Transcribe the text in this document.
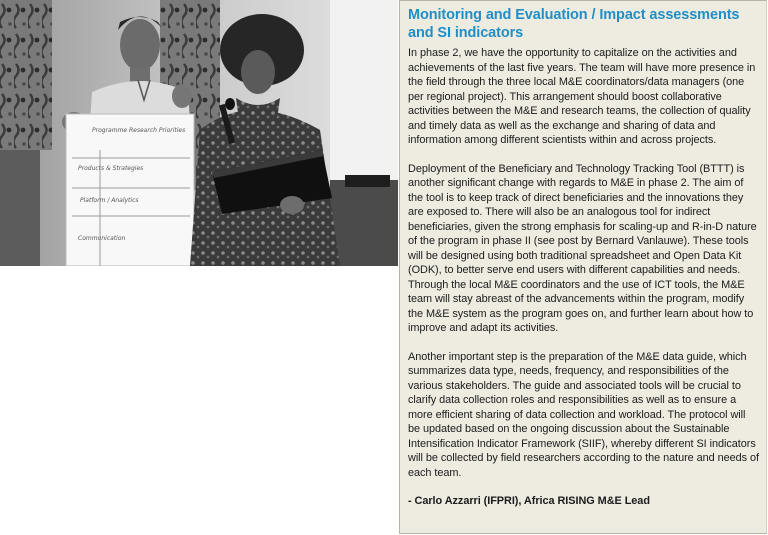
Programme Research Priorities
Products & Strategies
Platform / Analytics
Communication
Monitoring and Evaluation / Impact assessments and SI indicators

In phase 2, we have the opportunity to capitalize on the activities and achievements of the last five years. The team will have more presence in the field through the three local M&E coordinators/data managers (one per regional project). This arrangement should boost collaborative activities between the M&E and research teams, the collection of quality and timely data as well as the exchange and sharing of data and information among different scientists within and across projects.

Deployment of the Beneficiary and Technology Tracking Tool (BTTT) is another significant change with regards to M&E in phase 2. The aim of the tool is to keep track of direct beneficiaries and the innovations they are exposed to. There will also be an analogous tool for indirect beneficiaries, given the strong emphasis for scaling-up and R-in-D nature of the program in phase II (see post by Bernard Vanlauwe). These tools will be designed using both traditional spreadsheet and Open Data Kit (ODK), to better serve end users with different capabilities and needs. Through the local M&E coordinators and the use of ICT tools, the M&E team will stay abreast of the advancements within the program, modify the M&E system as the program goes on, and further learn about how to improve and adapt its activities.

Another important step is the preparation of the M&E data guide, which summarizes data type, needs, frequency, and responsibilities of the various stakeholders. The guide and associated tools will be crucial to clarify data collection roles and responsibilities as well as to ensure a more efficient sharing of data collection and workload. The protocol will be updated based on the ongoing discussion about the Sustainable Intensification Indicator Framework (SIIF), whereby different SI indicators will be collected by field researchers according to the nature and needs of each team.

- Carlo Azzarri (IFPRI), Africa RISING M&E Lead
